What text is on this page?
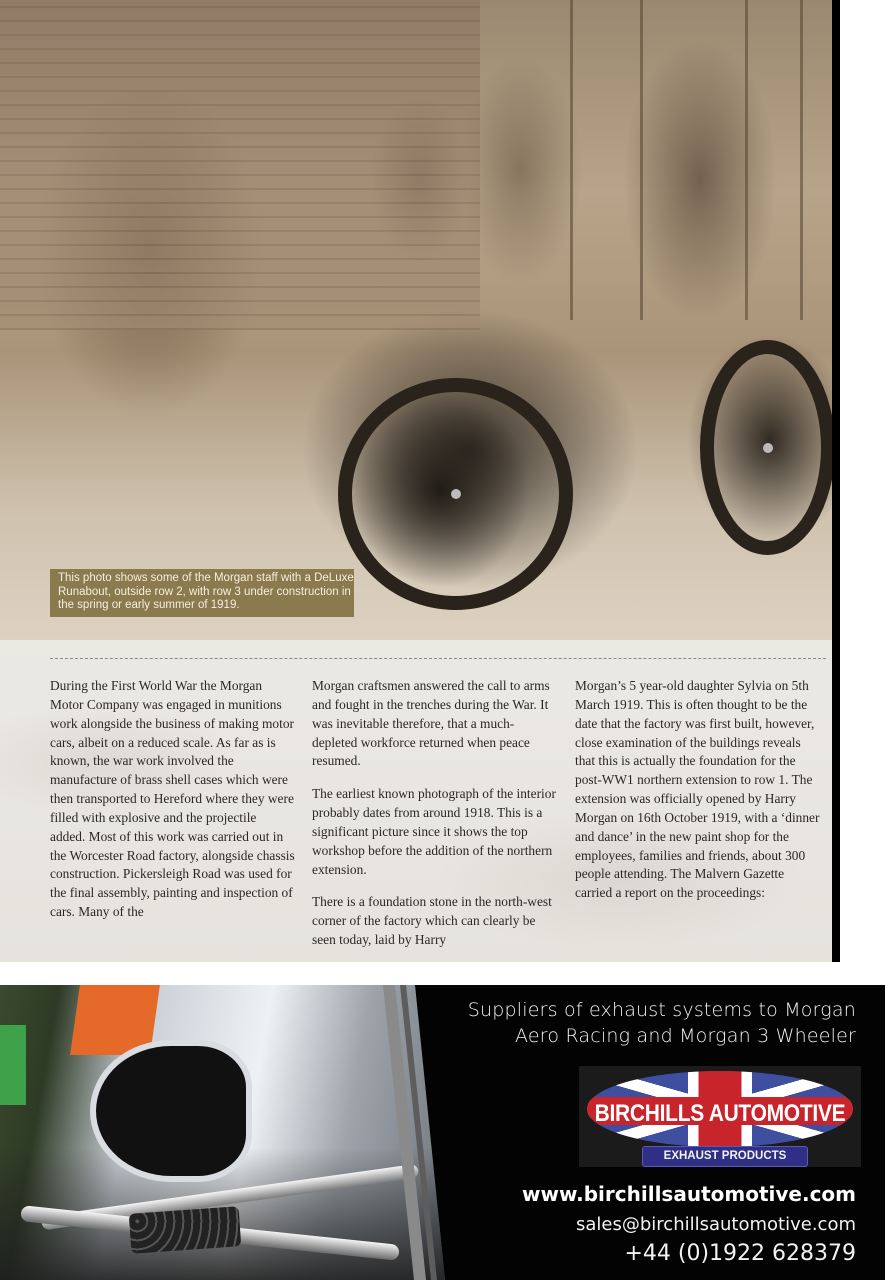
This photo shows some of the Morgan staff with a DeLuxe Runabout, outside row 2, with row 3 under construction in the spring or early summer of 1919.

During the First World War the Morgan Motor Company was engaged in munitions work alongside the business of making motor cars, albeit on a reduced scale. As far as is known, the war work involved the manufacture of brass shell cases which were then transported to Hereford where they were filled with explosive and the projectile added. Most of this work was carried out in the Worcester Road factory, alongside chassis construction. Pickersleigh Road was used for the final assembly, painting and inspection of cars. Many of the

Morgan craftsmen answered the call to arms and fought in the trenches during the War. It was inevitable therefore, that a much-depleted workforce returned when peace resumed.

The earliest known photograph of the interior probably dates from around 1918. This is a significant picture since it shows the top workshop before the addition of the northern extension.

There is a foundation stone in the north-west corner of the factory which can clearly be seen today, laid by Harry

Morgan’s 5 year-old daughter Sylvia on 5th March 1919. This is often thought to be the date that the factory was first built, however, close examination of the buildings reveals that this is actually the foundation for the post-WW1 northern extension to row 1. The extension was officially opened by Harry Morgan on 16th October 1919, with a ‘dinner and dance’ in the new paint shop for the employees, families and friends, about 300 people attending. The Malvern Gazette carried a report on the proceedings:

Suppliers of exhaust systems to Morgan
Aero Racing and Morgan 3 Wheeler
BIRCHILLS AUTOMOTIVE
EXHAUST PRODUCTS
www.birchillsautomotive.com
sales@birchillsautomotive.com
+44 (0)1922 628379
